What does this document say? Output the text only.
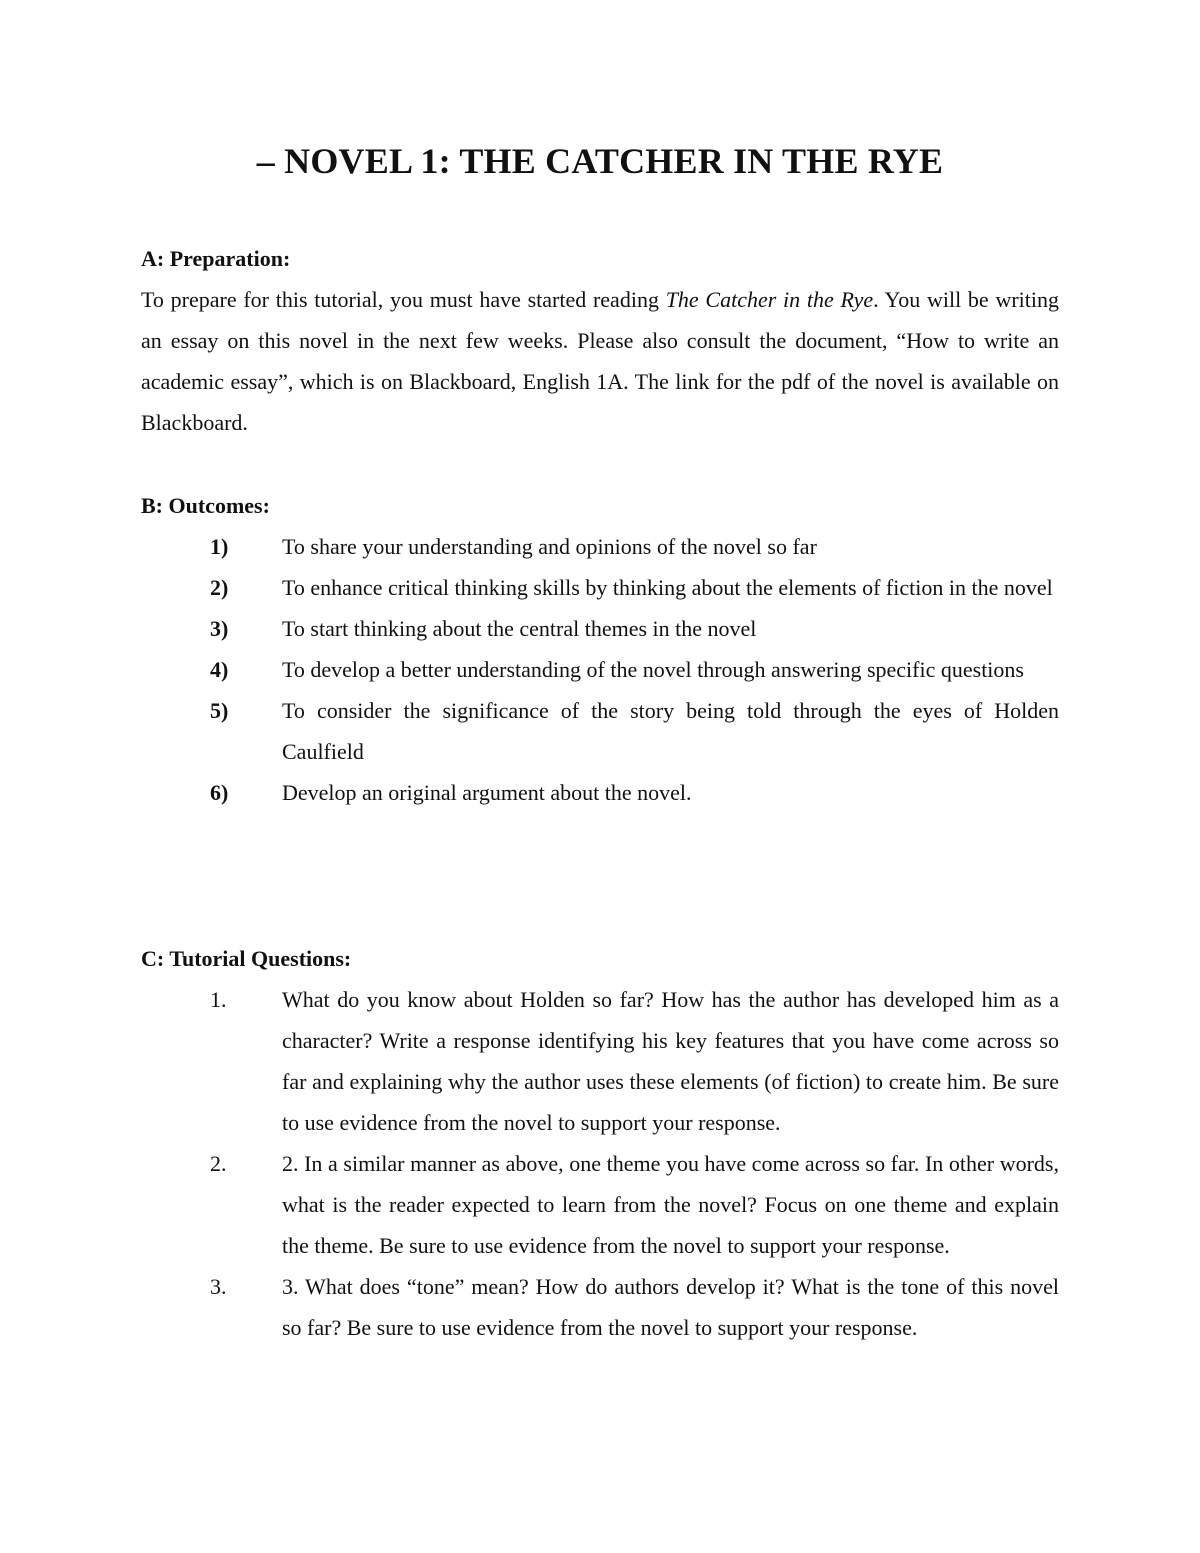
– NOVEL 1: THE CATCHER IN THE RYE

A: Preparation:

To prepare for this tutorial, you must have started reading The Catcher in the Rye. You will be writing an essay on this novel in the next few weeks. Please also consult the document, “How to write an academic essay”, which is on Blackboard, English 1A. The link for the pdf of the novel is available on Blackboard.

B: Outcomes:

1) To share your understanding and opinions of the novel so far
2) To enhance critical thinking skills by thinking about the elements of fiction in the novel
3) To start thinking about the central themes in the novel
4) To develop a better understanding of the novel through answering specific questions
5) To consider the significance of the story being told through the eyes of Holden Caulfield
6) Develop an original argument about the novel.

C: Tutorial Questions:

1.	What do you know about Holden so far? How has the author has developed him as a character? Write a response identifying his key features that you have come across so far and explaining why the author uses these elements (of fiction) to create him. Be sure to use evidence from the novel to support your response.
2.	2. In a similar manner as above, one theme you have come across so far. In other words, what is the reader expected to learn from the novel? Focus on one theme and explain the theme. Be sure to use evidence from the novel to support your response.
3.	3. What does “tone” mean? How do authors develop it? What is the tone of this novel so far? Be sure to use evidence from the novel to support your response.
